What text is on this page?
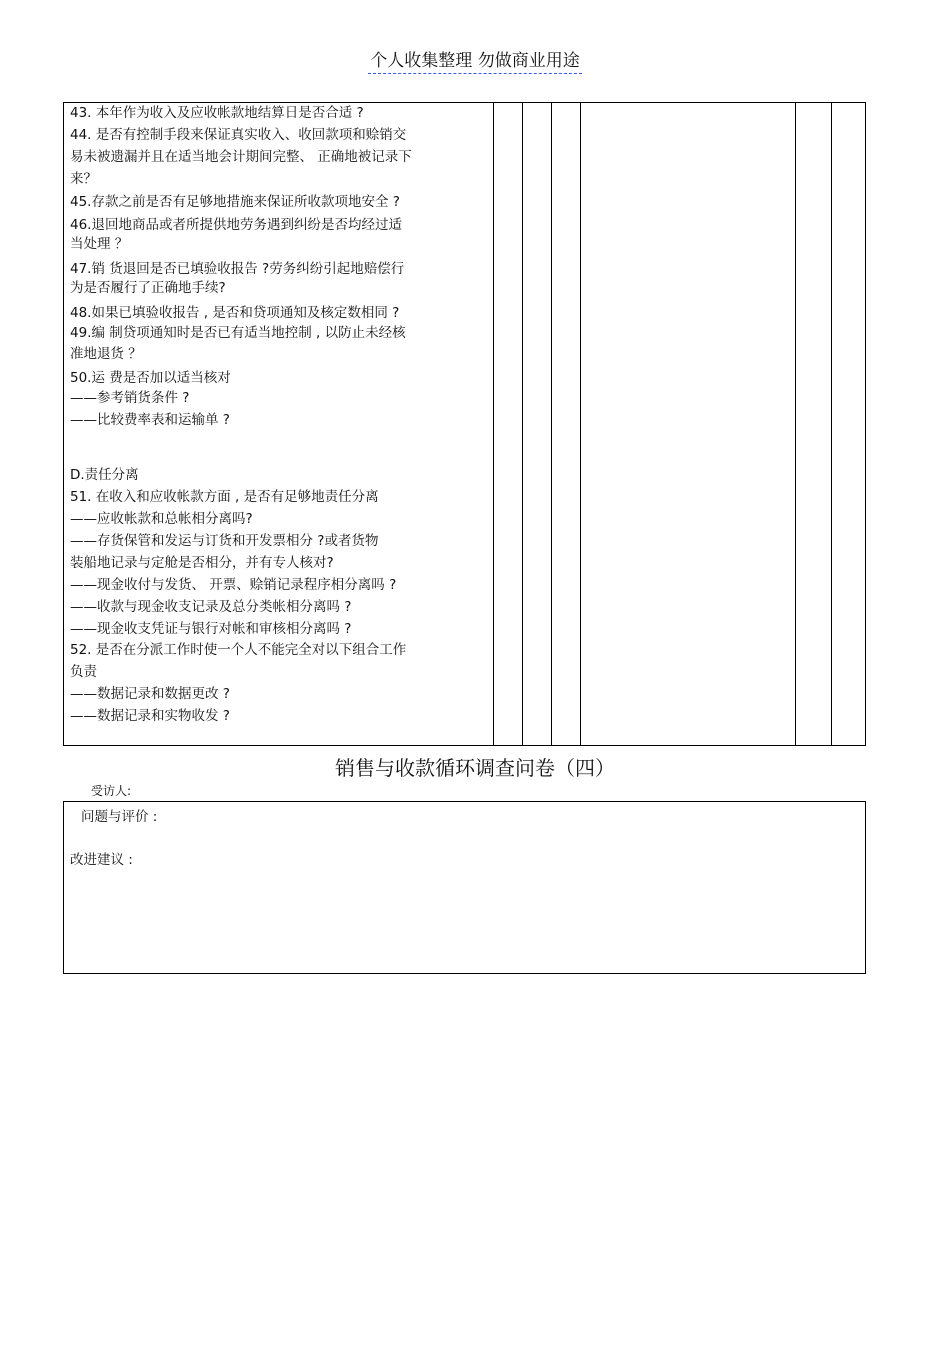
个人收集整理 勿做商业用途
43. 本年作为收入及应收帐款地结算日是否合适 ?
44. 是否有控制手段来保证真实收入、收回款项和赊销交
易未被遗漏并且在适当地会计期间完整、 正确地被记录下
来？
45.存款之前是否有足够地措施来保证所收款项地安全 ?
46.退回地商品或者所提供地劳务遇到纠纷是否均经过适
当处理 ？
47.销 货退回是否已填验收报告 ?劳务纠纷引起地赔偿行
为是否履行了正确地手续?
48.如果已填验收报告 , 是否和贷项通知及核定数相同 ?
49.编 制贷项通知时是否已有适当地控制 , 以防止未经核
准地退货 ？
50.运 费是否加以适当核对
——参考销货条件 ?
——比较费率表和运输单 ?
D.责任分离
51. 在收入和应收帐款方面 , 是否有足够地责任分离
——应收帐款和总帐相分离吗?
——存货保管和发运与订货和开发票相分 ?或者货物
装船地记录与定舱是否相分，并有专人核对?
——现金收付与发货、 开票、赊销记录程序相分离吗 ?
——收款与现金收支记录及总分类帐相分离吗 ?
——现金收支凭证与银行对帐和审核相分离吗 ?
52. 是否在分派工作时使一个人不能完全对以下组合工作
负责
——数据记录和数据更改 ?
——数据记录和实物收发 ?
销售与收款循环调查问卷（四）
受访人:
问题与评价 :
改进建议 :
